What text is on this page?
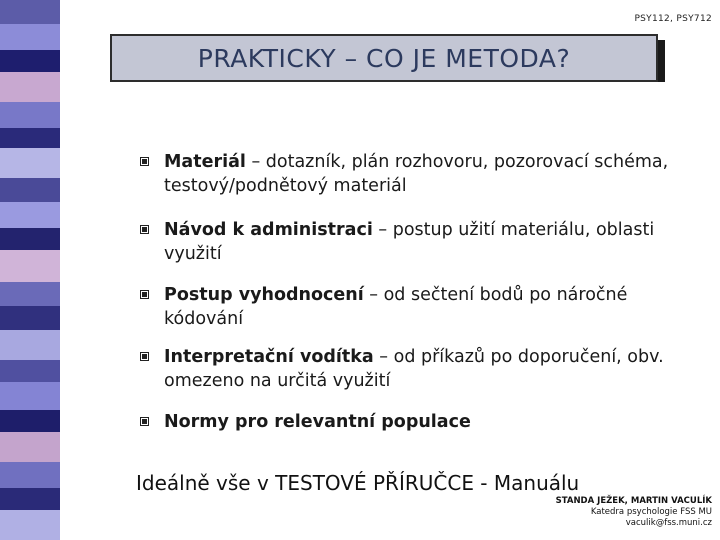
PSY112, PSY712
PRAKTICKY – CO JE METODA?
Materiál – dotazník, plán rozhovoru, pozorovací schéma, testový/podnětový materiál
Návod k administraci – postup užití materiálu, oblasti využití
Postup vyhodnocení – od sečtení bodů po náročné kódování
Interpretační vodítka – od příkazů po doporučení, obv. omezeno na určitá využití
Normy pro relevantní populace
Ideálně vše v TESTOVÉ PŘÍRUČCE - Manuálu
STANDA JEŽEK, MARTIN VACULÍK
Katedra psychologie FSS MU
vaculik@fss.muni.cz
